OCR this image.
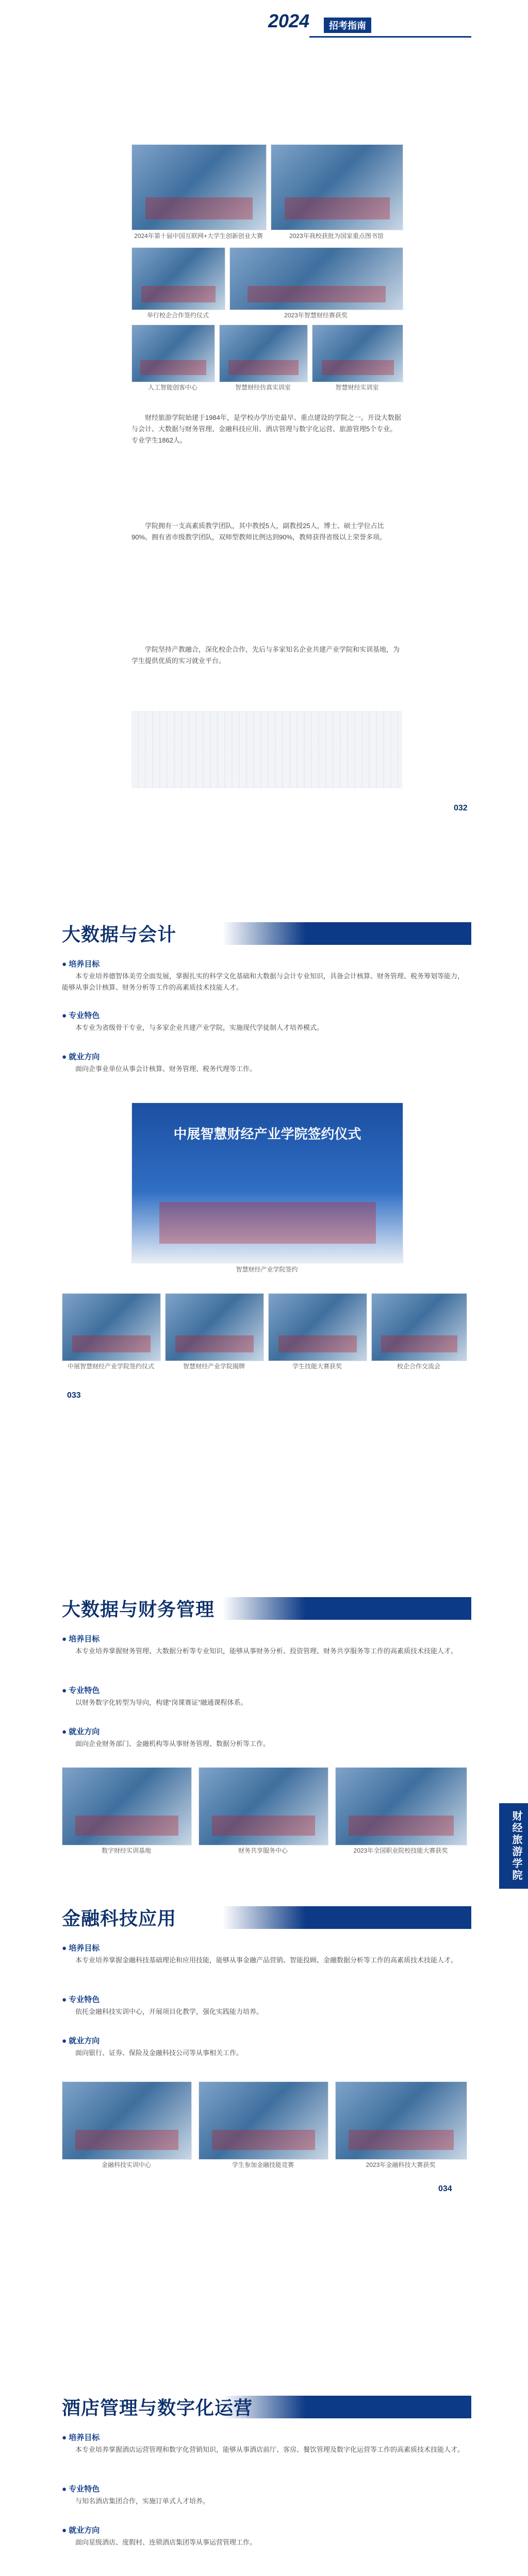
2024	招考指南
2024年第十届中国互联网+大学生创新创业大赛	2023年我校获批为国家重点图书馆
举行校企合作签约仪式	2023年智慧财经赛获奖
人工智能创客中心	智慧财经仿真实训室	智慧财经实训室
财经旅游学院始建于1984年，是学校办学历史最早、重点建设的学院之一。开设大数据与会计、大数据与财务管理、金融科技应用、酒店管理与数字化运营、旅游管理5个专业。专业学生1862人。
学院拥有一支高素质教学团队，其中教授5人，副教授25人，博士、硕士学位占比90%。拥有省市级教学团队，双师型教师比例达到90%，教师获得省级以上荣誉多项。
学院坚持产教融合，深化校企合作，先后与多家知名企业共建产业学院和实训基地，为学生提供优质的实习就业平台。
032
大数据与会计
● 培养目标
本专业培养德智体美劳全面发展，掌握扎实的科学文化基础和大数据与会计专业知识，具备会计核算、财务管理、税务筹划等能力，能够从事会计核算、财务分析等工作的高素质技术技能人才。
● 专业特色
本专业为省级骨干专业，与多家企业共建产业学院，实施现代学徒制人才培养模式。
● 就业方向
面向企事业单位从事会计核算、财务管理、税务代理等工作。
中展智慧财经产业学院签约仪式
智慧财经产业学院签约
中展智慧财经产业学院签约仪式	智慧财经产业学院揭牌	学生技能大赛获奖	校企合作交流会
033
大数据与财务管理
● 培养目标
本专业培养掌握财务管理、大数据分析等专业知识，能够从事财务分析、投资管理、财务共享服务等工作的高素质技术技能人才。
● 专业特色
以财务数字化转型为导向，构建“岗课赛证”融通课程体系。
● 就业方向
面向企业财务部门、金融机构等从事财务管理、数据分析等工作。
数字财经实训基地	财务共享服务中心	2023年全国职业院校技能大赛获奖	财经旅游学院
金融科技应用
● 培养目标
本专业培养掌握金融科技基础理论和应用技能，能够从事金融产品营销、智能投顾、金融数据分析等工作的高素质技术技能人才。
● 专业特色
依托金融科技实训中心，开展项目化教学，强化实践能力培养。
● 就业方向
面向银行、证券、保险及金融科技公司等从事相关工作。
金融科技实训中心	学生参加金融技能竞赛	2023年金融科技大赛获奖
034
酒店管理与数字化运营
● 培养目标
本专业培养掌握酒店运营管理和数字化营销知识，能够从事酒店前厅、客房、餐饮管理及数字化运营等工作的高素质技术技能人才。
● 专业特色
与知名酒店集团合作，实施订单式人才培养。
● 就业方向
面向星级酒店、度假村、连锁酒店集团等从事运营管理工作。
